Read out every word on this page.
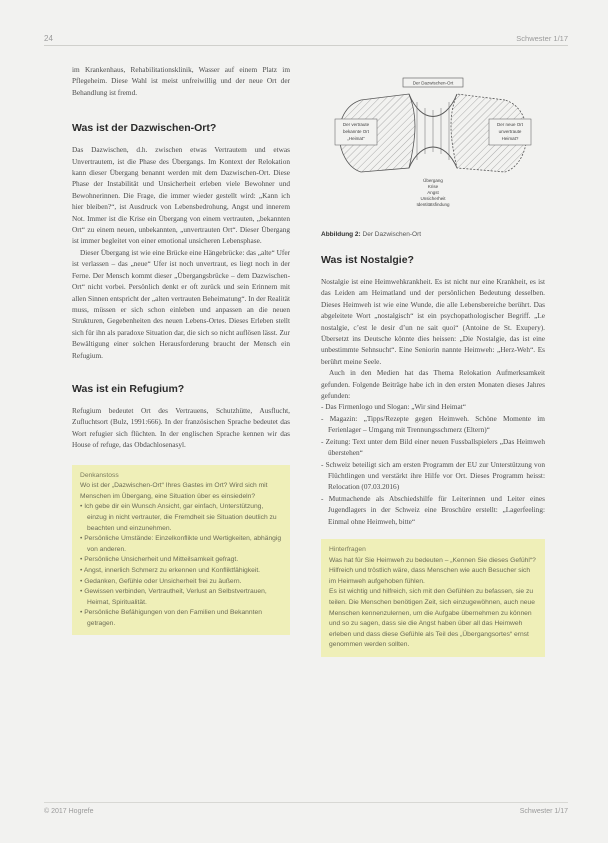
24	Schwester 1/17

im Krankenhaus, Rehabilitationsklinik, Wasser auf einem Platz im Pflegeheim. Diese Wahl ist meist unfreiwillig und der neue Ort der Behandlung ist fremd.

Was ist der Dazwischen-Ort?

Das Dazwischen, d.h. zwischen etwas Vertrautem und etwas Unvertrautem, ist die Phase des Übergangs. Im Kontext der Relokation kann dieser Übergang benannt werden mit dem Dazwischen-Ort. Diese Phase der Instabilität und Unsicherheit erleben viele Bewohner und Bewohnerinnen. Die Frage, die immer wieder gestellt wird: „Kann ich hier bleiben?“, ist Ausdruck von Lebensbedrohung, Angst und innerem Not. Immer ist die Krise ein Übergang von einem vertrauten, „bekannten Ort“ zu einem neuen, unbekannten, „unvertrauten Ort“. Dieser Übergang ist immer begleitet von einer emotional unsicheren Lebensphase.

Dieser Übergang ist wie eine Brücke eine Hängebrücke: das „alte“ Ufer ist verlassen – das „neue“ Ufer ist noch unvertraut, es liegt noch in der Ferne. Der Mensch kommt dieser „Übergangsbrücke – dem Dazwischen-Ort“ nicht vorbei. Persönlich denkt er oft zurück und sein Erinnern mit allen Sinnen entspricht der „alten vertrauten Beheimatung“. In der Realität muss, müssen er sich schon einleben und anpassen an die neuen Strukturen, Gegebenheiten des neuen Lebens-Ortes. Dieses Erleben stellt sich für ihn als paradoxe Situation dar, die sich so nicht auflösen lässt. Zur Bewältigung einer solchen Herausforderung braucht der Mensch ein Refugium.

Was ist ein Refugium?

Refugium bedeutet Ort des Vertrauens, Schutzhütte, Ausflucht, Zufluchtsort (Bulz, 1991:666). In der französischen Sprache bedeutet das Wort refugier sich flüchten. In der englischen Sprache kennen wir das House of refuge, das Obdachlosenasyl.

Denkanstoss
Wo ist der „Dazwischen-Ort“ Ihres Gastes im Ort? Wird sich mit Menschen im Übergang, eine Situation über es einsiedeln?
• Ich gebe dir ein Wunsch Ansicht, gar einfach, Unterstützung, einzug in nicht vertrauter, die Fremdheit sie Situation deutlich zu beachten und einzunehmen.
• Persönliche Umstände: Einzelkonflikte und Wertigkeiten, abhängig von anderen.
• Persönliche Unsicherheit und Mitteilsamkeit gefragt.
• Angst, innerlich Schmerz zu erkennen und Konfliktfähigkeit.
• Gedanken, Gefühle oder Unsicherheit frei zu äußern.
• Gewissen verbinden, Vertrautheit, Verlust an Selbstvertrauen, Heimat, Spiritualität.
• Persönliche Befähigungen von den Familien und Bekannten getragen.
Der Dazwischen-Ort
Der vertraute
bekannte Ort
„Heimat“
Der neue Ort
unvertraute
Heimat?
Übergang
Krise
Angst
Unsicherheit
Identitätsfindung
Abbildung 2: Der Dazwischen-Ort
Was ist Nostalgie?

Nostalgie ist eine Heimwehkrankheit. Es ist nicht nur eine Krankheit, es ist das Leiden am Heimatland und der persönlichen Bedeutung desselben. Dieses Heimweh ist wie eine Wunde, die alle Lebensbereiche berührt. Das abgeleitete Wort „nostalgisch“ ist ein psychopathologischer Begriff. „Le nostalgie, c’est le desir d’un ne sait quoi“ (Antoine de St. Exupery). Übersetzt ins Deutsche könnte dies heissen: „Die Nostalgie, das ist eine unbestimmte Sehnsucht“. Eine Seniorin nannte Heimweh: „Herz-Weh“. Es berührt meine Seele.

Auch in den Medien hat das Thema Relokation Aufmerksamkeit gefunden. Folgende Beiträge habe ich in den ersten Monaten dieses Jahres gefunden:

- Das Firmenlogo und Slogan: „Wir sind Heimat“
- Magazin: „Tipps/Rezepte gegen Heimweh. Schöne Momente im Ferienlager – Umgang mit Trennungsschmerz (Eltern)“
- Zeitung: Text unter dem Bild einer neuen Fussballspielers „Das Heimweh überstehen“
- Schweiz beteiligt sich am ersten Programm der EU zur Unterstützung von Flüchtlingen und verstärkt ihre Hilfe vor Ort. Dieses Programm heisst: Relocation (07.03.2016)
- Mutmachende als Abschiedshilfe für Leiterinnen und Leiter eines Jugendlagers in der Schweiz eine Broschüre erstellt: „Lagerfeeling: Einmal ohne Heimweh, bitte“
Hinterfragen
Was hat für Sie Heimweh zu bedeuten – „Kennen Sie dieses Gefühl“?
Hilfreich und tröstlich wäre, dass Menschen wie auch Besucher sich im Heimweh aufgehoben fühlen.
Es ist wichtig und hilfreich, sich mit den Gefühlen zu befassen, sie zu teilen. Die Menschen benötigen Zeit, sich einzugewöhnen, auch neue Menschen kennenzulernen, um die Aufgabe übernehmen zu können und so zu sagen, dass sie die Angst haben über all das Heimweh erleben und dass diese Gefühle als Teil des „Übergangsortes“ ernst genommen werden sollten.
© 2017 Hogrefe	Schwester 1/17
